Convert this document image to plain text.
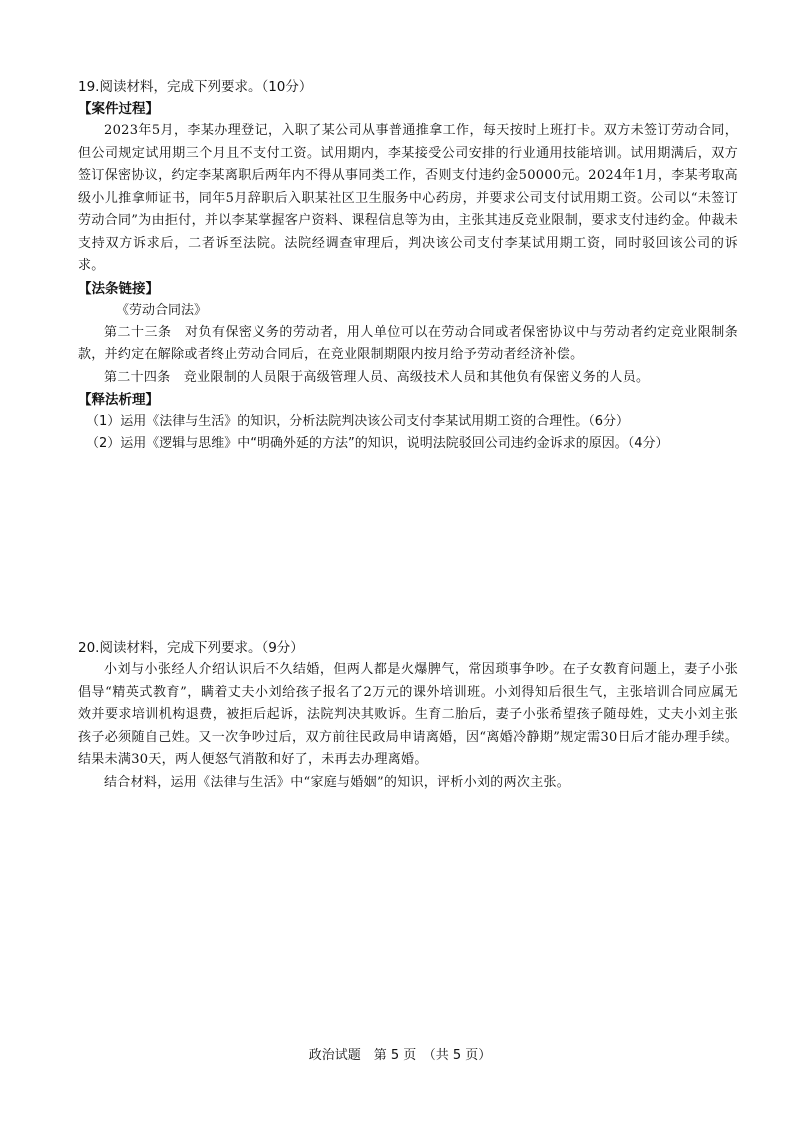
19.阅读材料，完成下列要求。（10分）

【案件过程】

2023年5月，李某办理登记，入职了某公司从事普通推拿工作，每天按时上班打卡。双方未签订劳动合同，但公司规定试用期三个月且不支付工资。试用期内，李某接受公司安排的行业通用技能培训。试用期满后，双方签订保密协议，约定李某离职后两年内不得从事同类工作，否则支付违约金50000元。2024年1月，李某考取高级小儿推拿师证书，同年5月辞职后入职某社区卫生服务中心药房，并要求公司支付试用期工资。公司以“未签订劳动合同”为由拒付，并以李某掌握客户资料、课程信息等为由，主张其违反竞业限制，要求支付违约金。仲裁未支持双方诉求后，二者诉至法院。法院经调查审理后，判决该公司支付李某试用期工资，同时驳回该公司的诉求。

【法条链接】

《劳动合同法》

第二十三条　对负有保密义务的劳动者，用人单位可以在劳动合同或者保密协议中与劳动者约定竞业限制条款，并约定在解除或者终止劳动合同后，在竞业限制期限内按月给予劳动者经济补偿。

第二十四条　竞业限制的人员限于高级管理人员、高级技术人员和其他负有保密义务的人员。

【释法析理】

（1）运用《法律与生活》的知识，分析法院判决该公司支付李某试用期工资的合理性。（6分）

（2）运用《逻辑与思维》中“明确外延的方法”的知识，说明法院驳回公司违约金诉求的原因。（4分）

20.阅读材料，完成下列要求。（9分）

小刘与小张经人介绍认识后不久结婚，但两人都是火爆脾气，常因琐事争吵。在子女教育问题上，妻子小张倡导“精英式教育”，瞒着丈夫小刘给孩子报名了2万元的课外培训班。小刘得知后很生气，主张培训合同应属无效并要求培训机构退费，被拒后起诉，法院判决其败诉。生育二胎后，妻子小张希望孩子随母姓，丈夫小刘主张孩子必须随自己姓。又一次争吵过后，双方前往民政局申请离婚，因“离婚冷静期”规定需30日后才能办理手续。结果未满30天，两人便怒气消散和好了，未再去办理离婚。

结合材料，运用《法律与生活》中“家庭与婚姻”的知识，评析小刘的两次主张。

政治试题　第 5 页　（共 5 页）
